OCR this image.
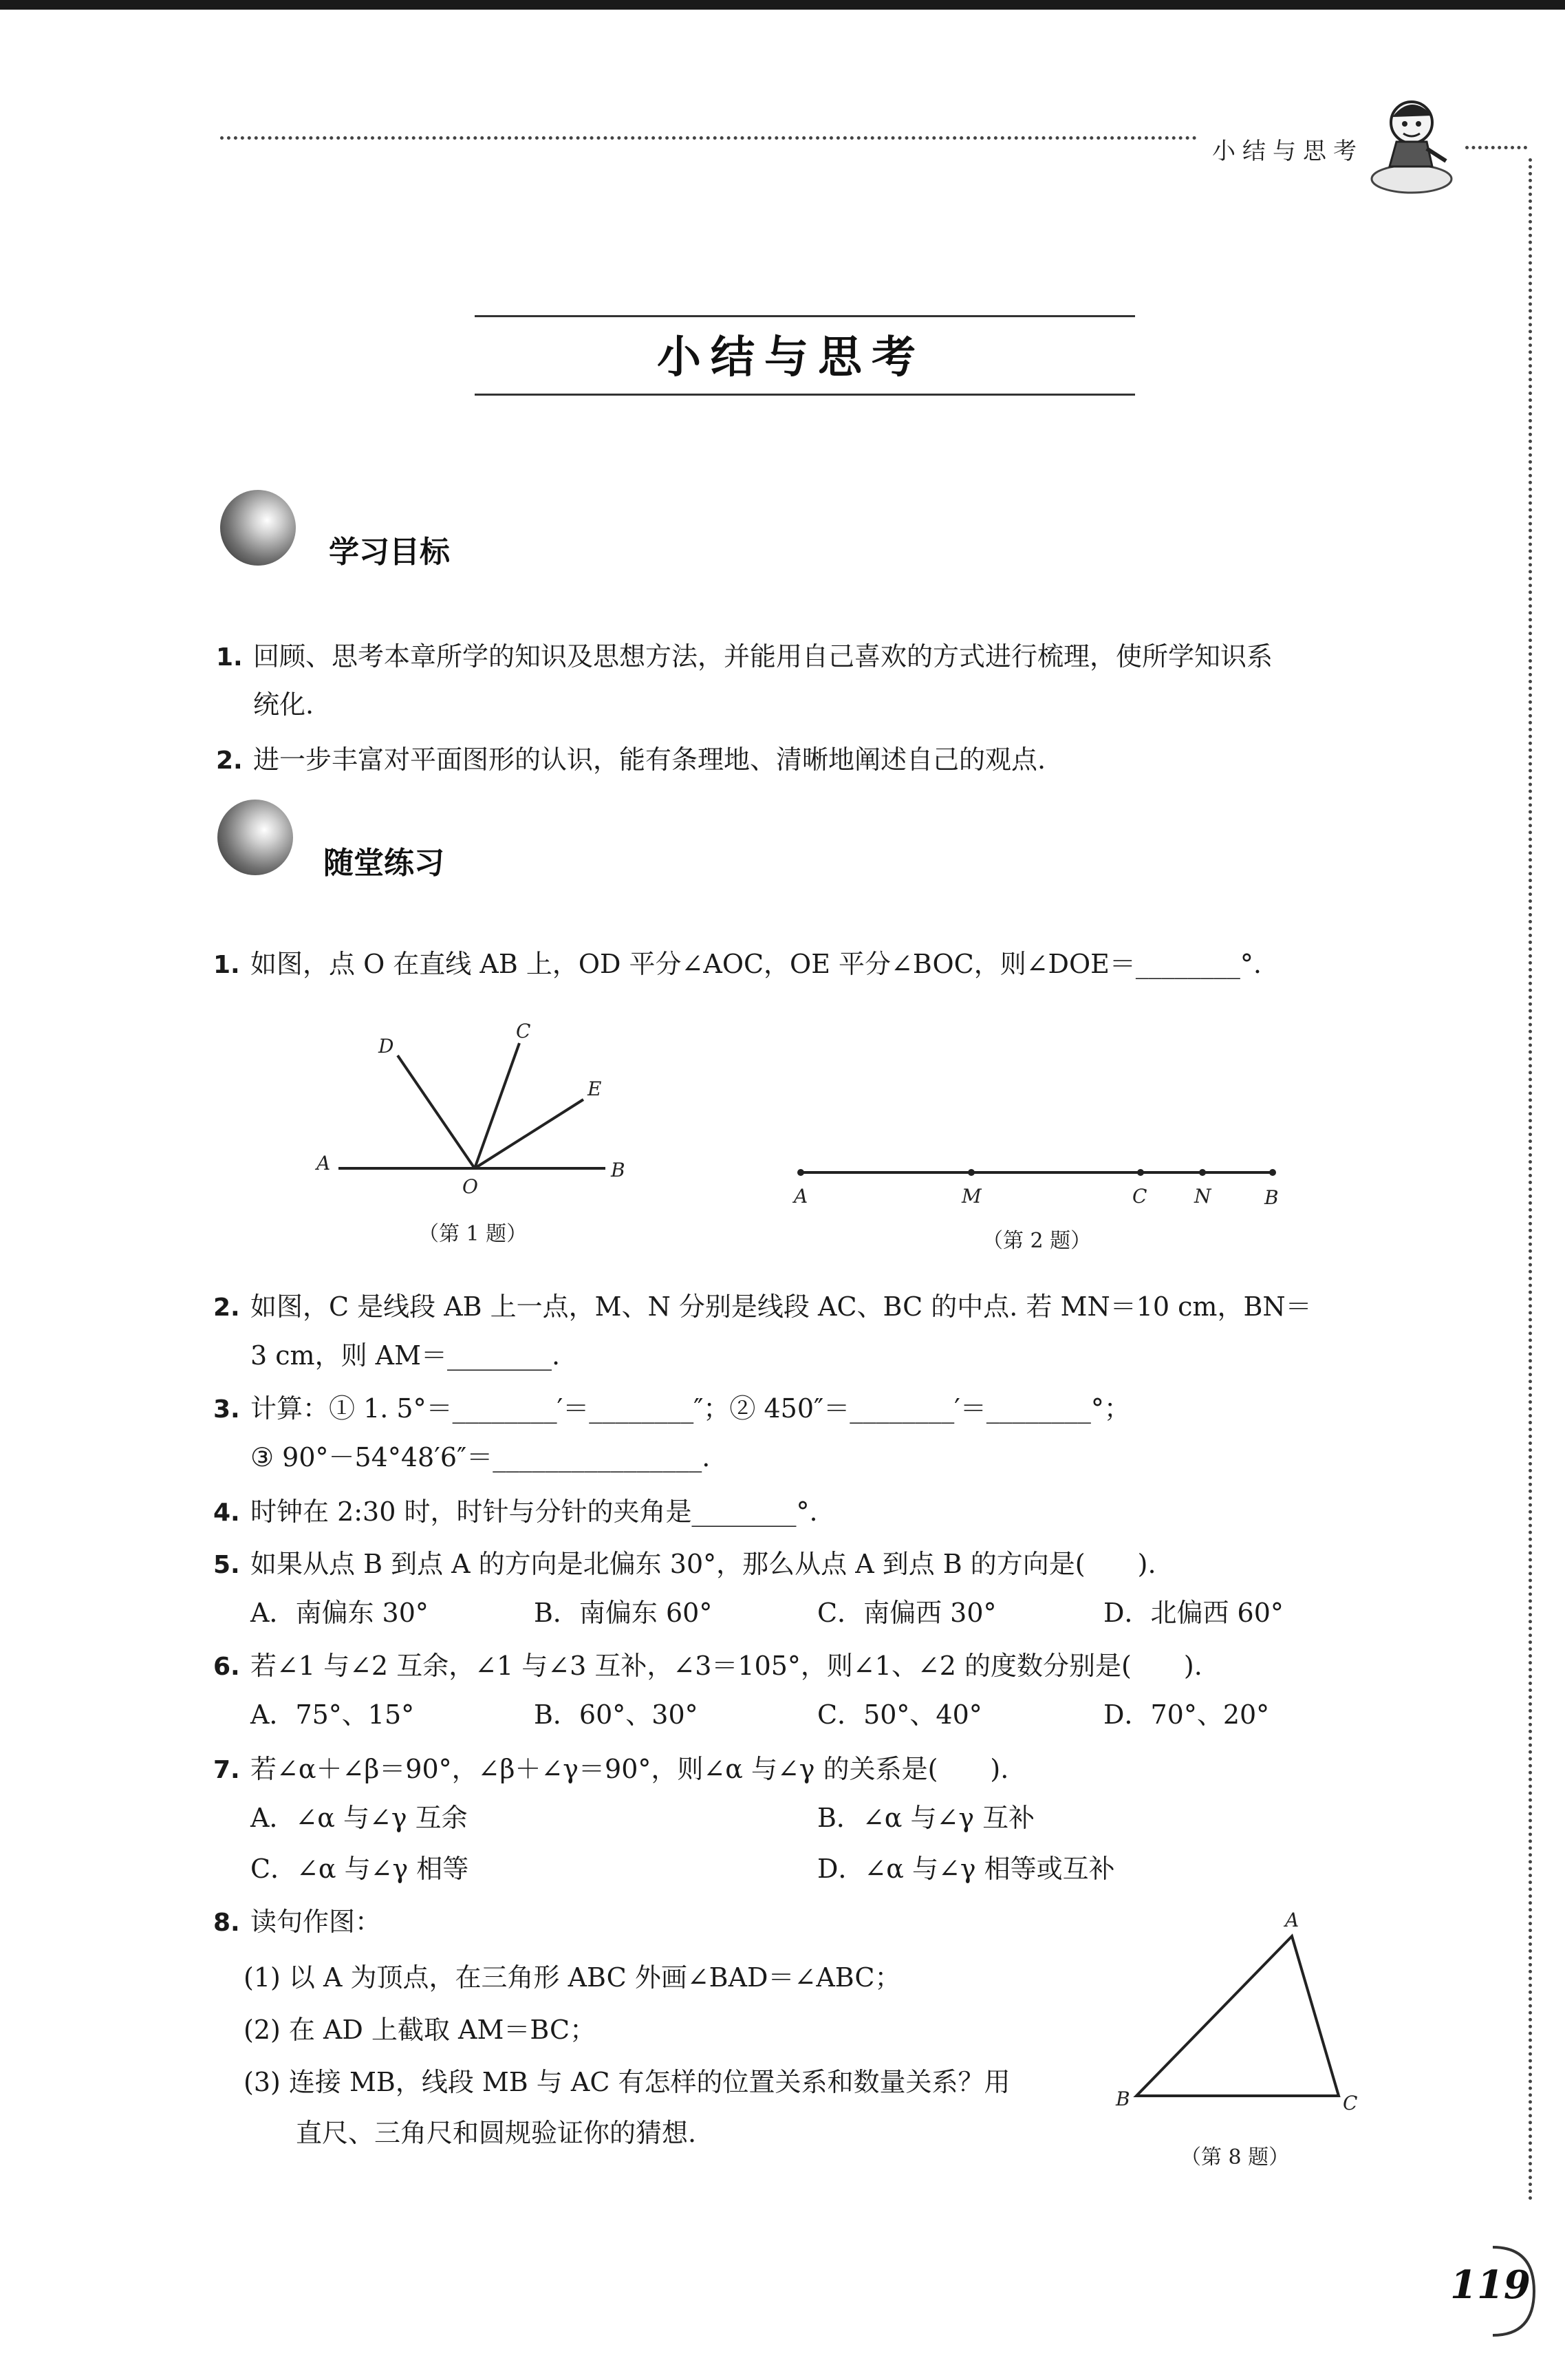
小结与思考
小结与思考
学习目标
1. 回顾、思考本章所学的知识及思想方法，并能用自己喜欢的方式进行梳理，使所学知识系
统化.
2. 进一步丰富对平面图形的认识，能有条理地、清晰地阐述自己的观点.
随堂练习
1. 如图，点 O 在直线 AB 上，OD 平分∠AOC，OE 平分∠BOC，则∠DOE＝________°.
A	B
O
D
C
E
（第 1 题）
A	M	C N	B
（第 2 题）
2. 如图，C 是线段 AB 上一点，M、N 分别是线段 AC、BC 的中点. 若 MN＝10 cm，BN＝
3 cm，则 AM＝________.
3. 计算：① 1. 5°＝________′＝________″；② 450″＝________′＝________°；
③ 90°－54°48′6″＝________________.
4. 时钟在 2:30 时，时针与分针的夹角是________°.
5. 如果从点 B 到点 A 的方向是北偏东 30°，那么从点 A 到点 B 的方向是(　　).
A．南偏东 30°	B．南偏东 60°	C．南偏西 30°	D．北偏西 60°
6. 若∠1 与∠2 互余，∠1 与∠3 互补，∠3＝105°，则∠1、∠2 的度数分别是(　　).
A．75°、15°	B．60°、30°	C．50°、40°	D．70°、20°
7. 若∠α＋∠β＝90°，∠β＋∠γ＝90°，则∠α 与∠γ 的关系是(　　).
A．∠α 与∠γ 互余	B．∠α 与∠γ 互补
C．∠α 与∠γ 相等	D．∠α 与∠γ 相等或互补
8. 读句作图：
(1) 以 A 为顶点，在三角形 ABC 外画∠BAD＝∠ABC；
(2) 在 AD 上截取 AM＝BC；
(3) 连接 MB，线段 MB 与 AC 有怎样的位置关系和数量关系？用
直尺、三角尺和圆规验证你的猜想.
A
B	C
（第 8 题）
119
